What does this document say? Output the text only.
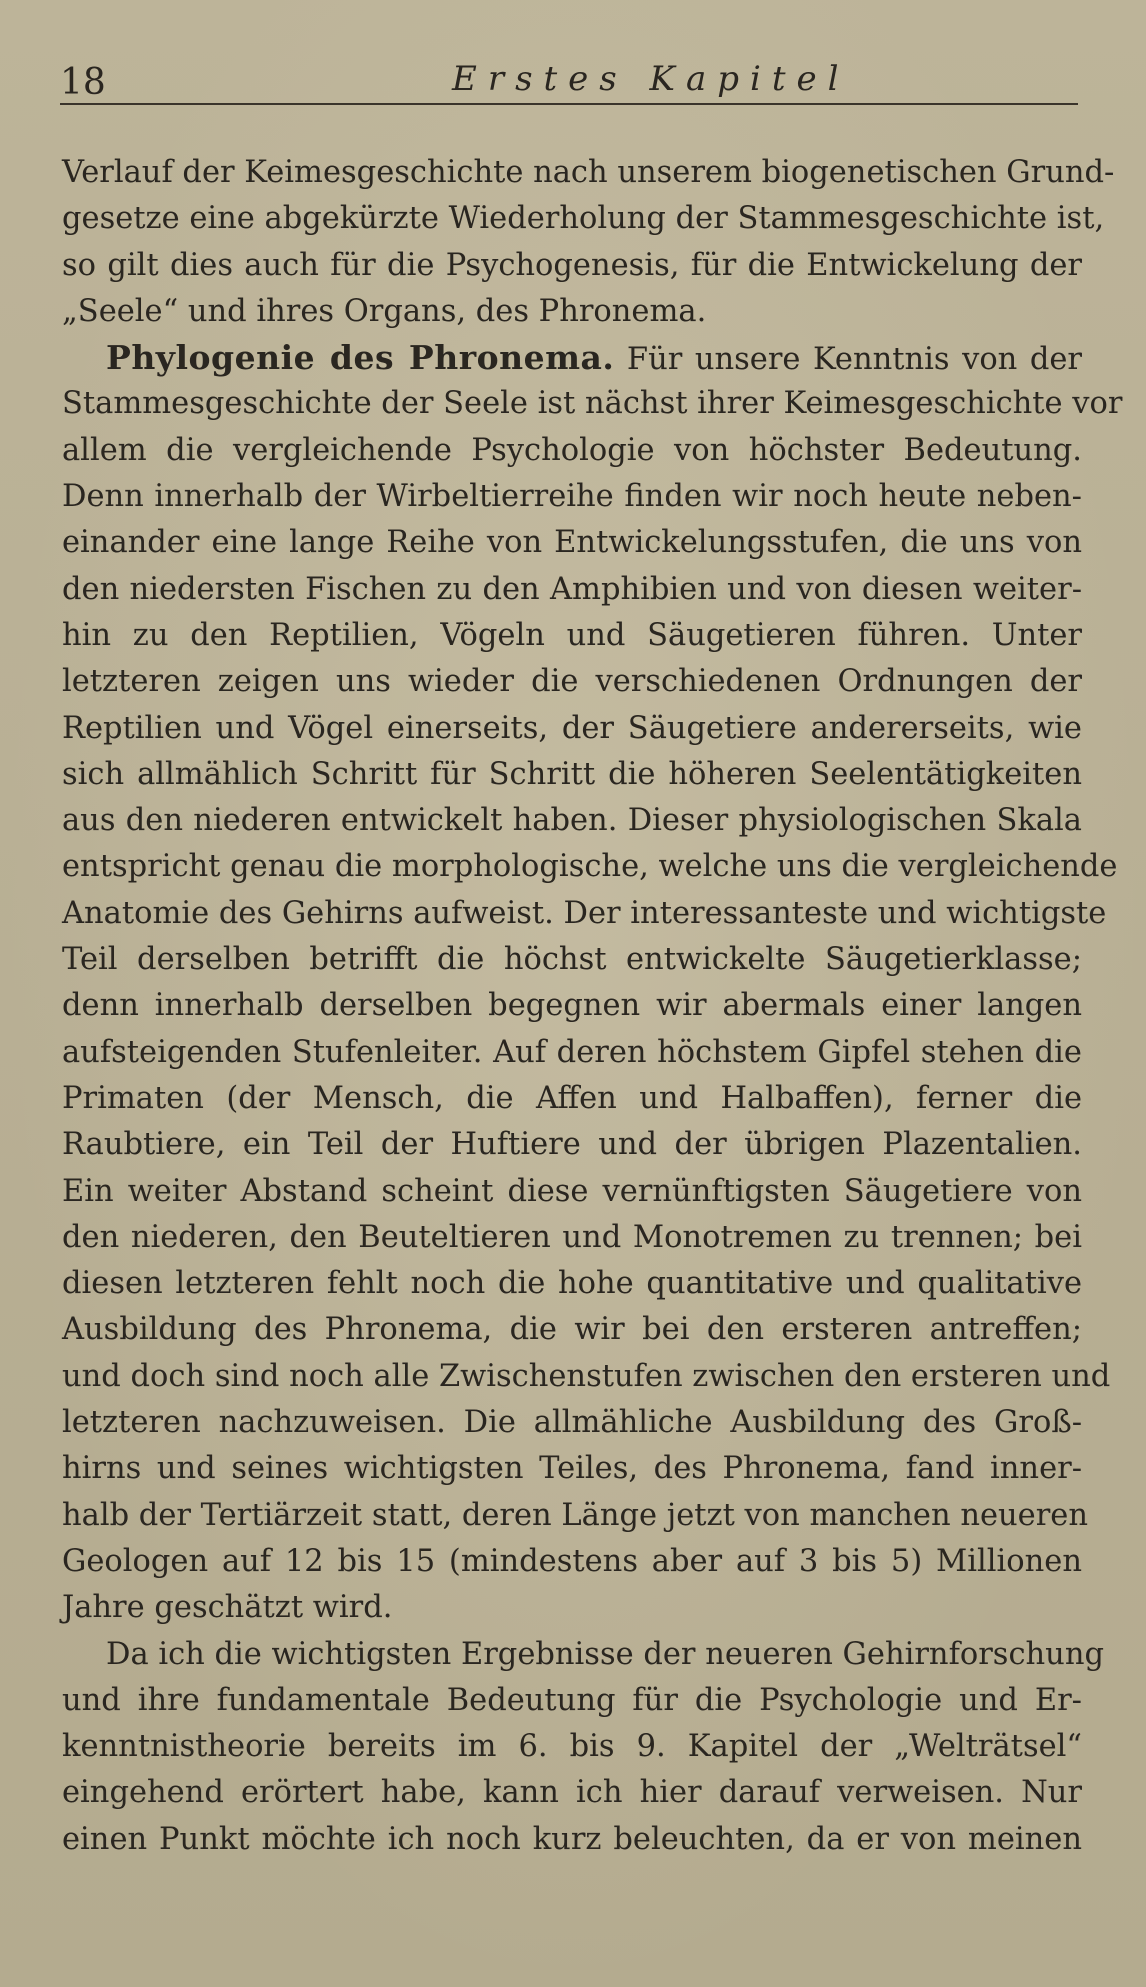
18	Erstes Kapitel
Verlauf der Keimesgeschichte nach unserem biogenetischen Grund-
gesetze eine abgekürzte Wiederholung der Stammesgeschichte ist,
so gilt dies auch für die Psychogenesis, für die Entwickelung der
„Seele“ und ihres Organs, des Phronema.
Phylogenie des Phronema. Für unsere Kenntnis von der
Stammesgeschichte der Seele ist nächst ihrer Keimesgeschichte vor
allem die vergleichende Psychologie von höchster Bedeutung.
Denn innerhalb der Wirbeltierreihe finden wir noch heute neben-
einander eine lange Reihe von Entwickelungsstufen, die uns von
den niedersten Fischen zu den Amphibien und von diesen weiter-
hin zu den Reptilien, Vögeln und Säugetieren führen. Unter
letzteren zeigen uns wieder die verschiedenen Ordnungen der
Reptilien und Vögel einerseits, der Säugetiere andererseits, wie
sich allmählich Schritt für Schritt die höheren Seelentätigkeiten
aus den niederen entwickelt haben. Dieser physiologischen Skala
entspricht genau die morphologische, welche uns die vergleichende
Anatomie des Gehirns aufweist. Der interessanteste und wichtigste
Teil derselben betrifft die höchst entwickelte Säugetierklasse;
denn innerhalb derselben begegnen wir abermals einer langen
aufsteigenden Stufenleiter. Auf deren höchstem Gipfel stehen die
Primaten (der Mensch, die Affen und Halbaffen), ferner die
Raubtiere, ein Teil der Huftiere und der übrigen Plazentalien.
Ein weiter Abstand scheint diese vernünftigsten Säugetiere von
den niederen, den Beuteltieren und Monotremen zu trennen; bei
diesen letzteren fehlt noch die hohe quantitative und qualitative
Ausbildung des Phronema, die wir bei den ersteren antreffen;
und doch sind noch alle Zwischenstufen zwischen den ersteren und
letzteren nachzuweisen. Die allmähliche Ausbildung des Groß-
hirns und seines wichtigsten Teiles, des Phronema, fand inner-
halb der Tertiärzeit statt, deren Länge jetzt von manchen neueren
Geologen auf 12 bis 15 (mindestens aber auf 3 bis 5) Millionen
Jahre geschätzt wird.
Da ich die wichtigsten Ergebnisse der neueren Gehirnforschung
und ihre fundamentale Bedeutung für die Psychologie und Er-
kenntnistheorie bereits im 6. bis 9. Kapitel der „Welträtsel“
eingehend erörtert habe, kann ich hier darauf verweisen. Nur
einen Punkt möchte ich noch kurz beleuchten, da er von meinen
